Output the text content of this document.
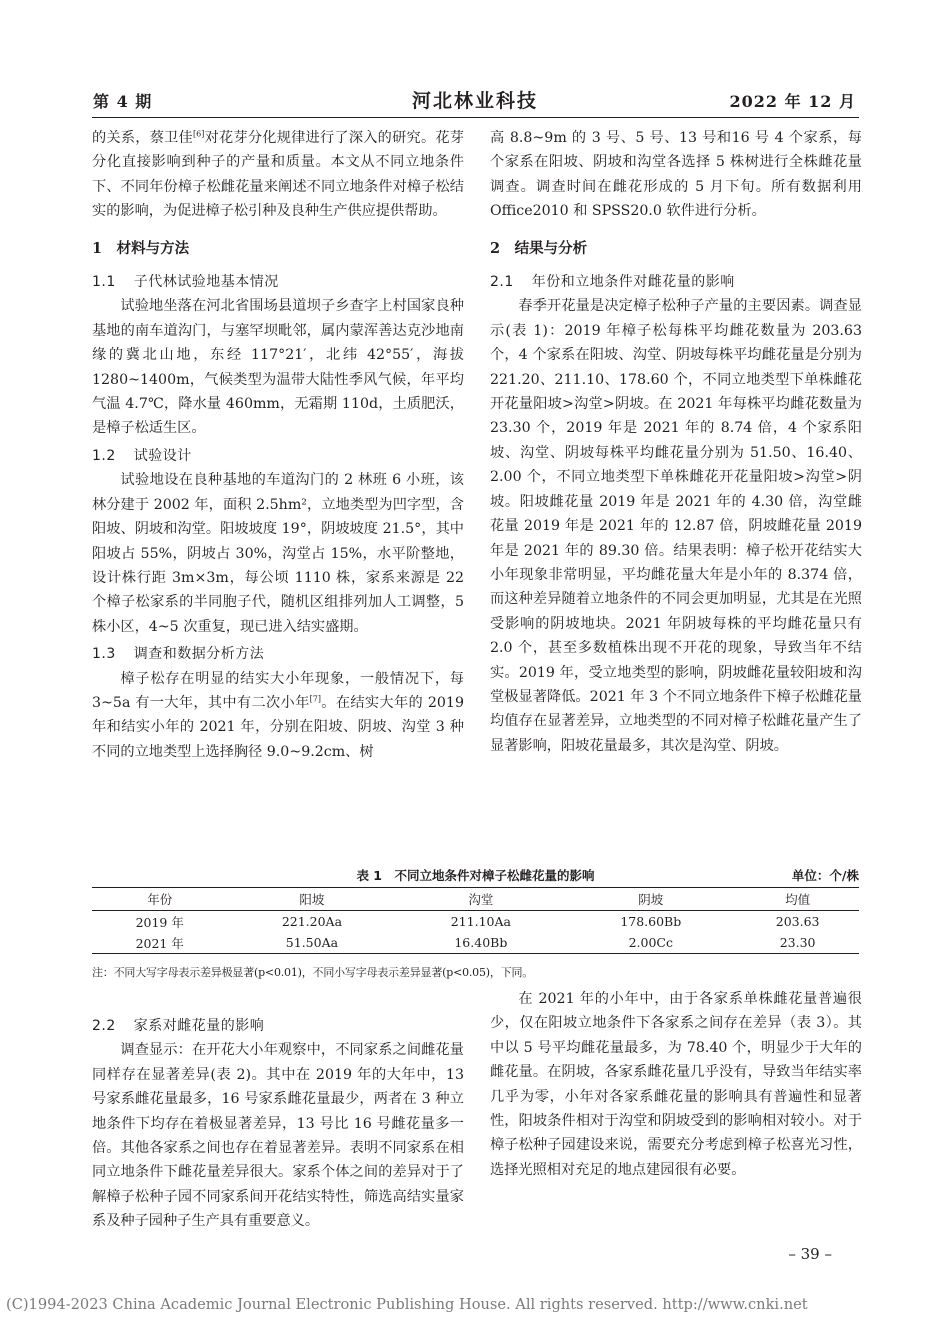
第 4 期	河北林业科技	2022 年 12 月

的关系，蔡卫佳[6]对花芽分化规律进行了深入的研究。花芽分化直接影响到种子的产量和质量。本文从不同立地条件下、不同年份樟子松雌花量来阐述不同立地条件对樟子松结实的影响，为促进樟子松引种及良种生产供应提供帮助。

1　材料与方法
1.1 子代林试验地基本情况

试验地坐落在河北省围场县道坝子乡查字上村国家良种基地的南车道沟门，与塞罕坝毗邻，属内蒙浑善达克沙地南缘的冀北山地，东经 117°21′，北纬 42°55′，海拔 1280~1400m，气候类型为温带大陆性季风气候，年平均气温 4.7℃，降水量 460mm，无霜期 110d，土质肥沃，是樟子松适生区。

1.2 试验设计

试验地设在良种基地的车道沟门的 2 林班 6 小班，该林分建于 2002 年，面积 2.5hm²，立地类型为凹字型，含阳坡、阴坡和沟堂。阳坡坡度 19°，阴坡坡度 21.5°，其中阳坡占 55%，阴坡占 30%，沟堂占 15%，水平阶整地，设计株行距 3m×3m，每公顷 1110 株，家系来源是 22 个樟子松家系的半同胞子代，随机区组排列加人工调整，5 株小区，4~5 次重复，现已进入结实盛期。

1.3 调查和数据分析方法

樟子松存在明显的结实大小年现象，一般情况下，每 3~5a 有一大年，其中有二次小年[7]。在结实大年的 2019 年和结实小年的 2021 年，分别在阳坡、阴坡、沟堂 3 种不同的立地类型上选择胸径 9.0~9.2cm、树

高 8.8~9m 的 3 号、5 号、13 号和16 号 4 个家系，每个家系在阳坡、阴坡和沟堂各选择 5 株树进行全株雌花量调查。调查时间在雌花形成的 5 月下旬。所有数据利用 Office2010 和 SPSS20.0 软件进行分析。

2　结果与分析
2.1 年份和立地条件对雌花量的影响

春季开花量是决定樟子松种子产量的主要因素。调查显示(表 1)：2019 年樟子松每株平均雌花数量为 203.63 个，4 个家系在阳坡、沟堂、阴坡每株平均雌花量是分别为 221.20、211.10、178.60 个，不同立地类型下单株雌花开花量阳坡>沟堂>阴坡。在 2021 年每株平均雌花数量为 23.30 个，2019 年是 2021 年的 8.74 倍，4 个家系阳坡、沟堂、阴坡每株平均雌花量分别为 51.50、16.40、2.00 个，不同立地类型下单株雌花开花量阳坡>沟堂>阴坡。阳坡雌花量 2019 年是 2021 年的 4.30 倍，沟堂雌花量 2019 年是 2021 年的 12.87 倍，阴坡雌花量 2019 年是 2021 年的 89.30 倍。结果表明：樟子松开花结实大小年现象非常明显，平均雌花量大年是小年的 8.374 倍，而这种差异随着立地条件的不同会更加明显，尤其是在光照受影响的阴坡地块。2021 年阴坡每株的平均雌花量只有 2.0 个，甚至多数植株出现不开花的现象，导致当年不结实。2019 年，受立地类型的影响，阴坡雌花量较阳坡和沟堂极显著降低。2021 年 3 个不同立地条件下樟子松雌花量均值存在显著差异，立地类型的不同对樟子松雌花量产生了显著影响，阳坡花量最多，其次是沟堂、阴坡。

表 1　 不同立地条件对樟子松雌花量的影响	单位：个/株
年份	阳坡	沟堂	阴坡	均值
2019 年	221.20Aa	211.10Aa	178.60Bb	203.63
2021 年	51.50Aa	16.40Bb	2.00Cc	23.30
注：不同大写字母表示差异极显著(p<0.01)，不同小写字母表示差异显著(p<0.05)，下同。
2.2 家系对雌花量的影响

调查显示：在开花大小年观察中，不同家系之间雌花量同样存在显著差异(表 2)。其中在 2019 年的大年中，13 号家系雌花量最多，16 号家系雌花量最少，两者在 3 种立地条件下均存在着极显著差异，13 号比 16 号雌花量多一倍。其他各家系之间也存在着显著差异。表明不同家系在相同立地条件下雌花量差异很大。家系个体之间的差异对于了解樟子松种子园不同家系间开花结实特性，筛选高结实量家系及种子园种子生产具有重要意义。

在 2021 年的小年中，由于各家系单株雌花量普遍很少，仅在阳坡立地条件下各家系之间存在差异（表 3）。其中以 5 号平均雌花量最多，为 78.40 个，明显少于大年的雌花量。在阴坡，各家系雌花量几乎没有，导致当年结实率几乎为零，小年对各家系雌花量的影响具有普遍性和显著性，阳坡条件相对于沟堂和阴坡受到的影响相对较小。对于樟子松种子园建设来说，需要充分考虑到樟子松喜光习性，选择光照相对充足的地点建园很有必要。

– 39 –
(C)1994-2023 China Academic Journal Electronic Publishing House. All rights reserved. http://www.cnki.net
